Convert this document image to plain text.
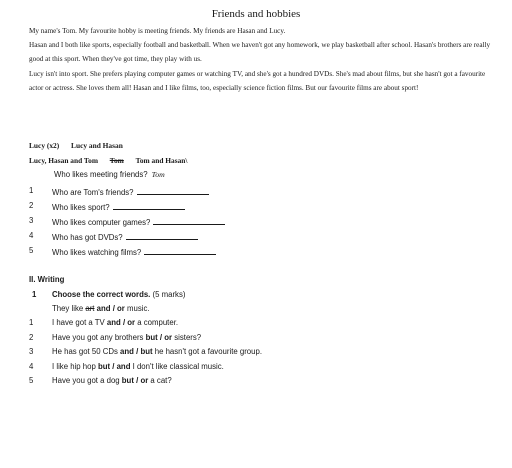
Friends and hobbies
My name's Tom. My favourite hobby is meeting friends. My friends are Hasan and Lucy.
Hasan and I both like sports, especially football and basketball. When we haven't got any homework, we play basketball after school. Hasan's brothers are really good at this sport. When they've got time, they play with us.
Lucy isn't into sport. She prefers playing computer games or watching TV, and she's got a hundred DVDs. She's mad about films, but she hasn't got a favourite actor or actress. She loves them all! Hasan and I like films, too, especially science fiction films. But our favourite films are about sport!
Lucy (x2) Lucy and Hasan
Lucy, Hasan and Tom Tom Tom and Hasan\
Who likes meeting friends? Tom
1	Who are Tom's friends?
2	Who likes sport?
3	Who likes computer games?
4	Who has got DVDs?
5	Who likes watching films?
II. Writing
1	Choose the correct words. (5 marks)
They like art and / or music.
1	I have got a TV and / or a computer.
2	Have you got any brothers but / or sisters?
3	He has got 50 CDs and / but he hasn't got a favourite group.
4	I like hip hop but / and I don't like classical music.
5	Have you got a dog but / or a cat?
